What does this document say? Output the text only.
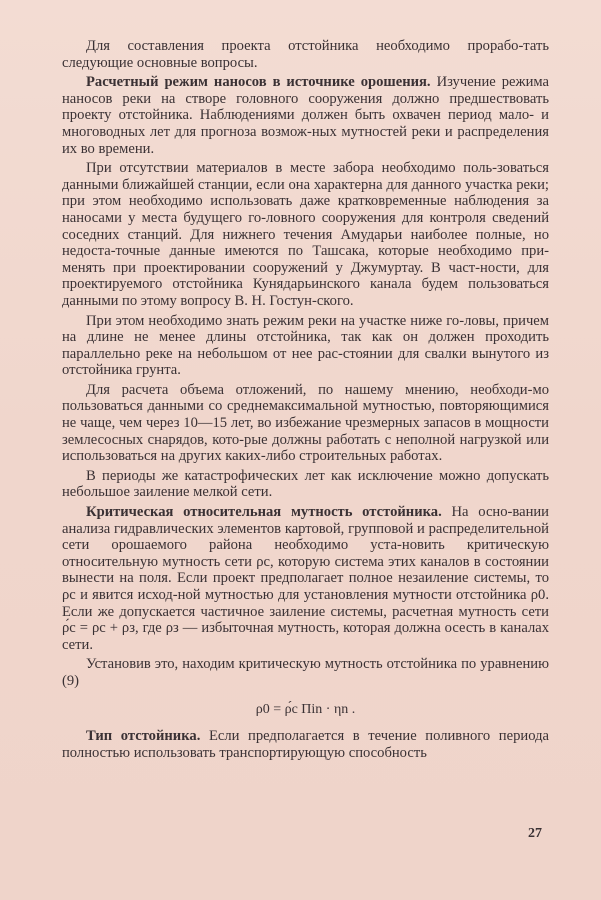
Для составления проекта отстойника необходимо прорабо-тать следующие основные вопросы.

Расчетный режим наносов в источнике орошения. Изучение режима наносов реки на створе головного сооружения должно предшествовать проекту отстойника. Наблюдениями должен быть охвачен период мало- и многоводных лет для прогноза возмож-ных мутностей реки и распределения их во времени.

При отсутствии материалов в месте забора необходимо поль-зоваться данными ближайшей станции, если она характерна для данного участка реки; при этом необходимо использовать даже кратковременные наблюдения за наносами у места будущего го-ловного сооружения для контроля сведений соседних станций. Для нижнего течения Амударьи наиболее полные, но недоста-точные данные имеются по Ташсака, которые необходимо при-менять при проектировании сооружений у Джумуртау. В част-ности, для проектируемого отстойника Кунядарьинского канала будем пользоваться данными по этому вопросу В. Н. Гостун-ского.

При этом необходимо знать режим реки на участке ниже го-ловы, причем на длине не менее длины отстойника, так как он должен проходить параллельно реке на небольшом от нее рас-стоянии для свалки вынутого из отстойника грунта.

Для расчета объема отложений, по нашему мнению, необходи-мо пользоваться данными со среднемаксимальной мутностью, повторяющимися не чаще, чем через 10—15 лет, во избежание чрезмерных запасов в мощности землесосных снарядов, кото-рые должны работать с неполной нагрузкой или использоваться на других каких-либо строительных работах.

В периоды же катастрофических лет как исключение можно допускать небольшое заиление мелкой сети.

Критическая относительная мутность отстойника. На осно-вании анализа гидравлических элементов картовой, групповой и распределительной сети орошаемого района необходимо уста-новить критическую относительную мутность сети ρc, которую система этих каналов в состоянии вынести на поля. Если проект предполагает полное незаиление системы, то ρc и явится исход-ной мутностью для установления мутности отстойника ρ0. Если же допускается частичное заиление системы, расчетная мутность сети ρ́c = ρc + ρз, где ρз — избыточная мутность, которая должна осесть в каналах сети.

Установив это, находим критическую мутность отстойника по уравнению (9)

ρ0 = ρ́c Пin · ηn .

Тип отстойника. Если предполагается в течение поливного периода полностью использовать транспортирующую способность

27
